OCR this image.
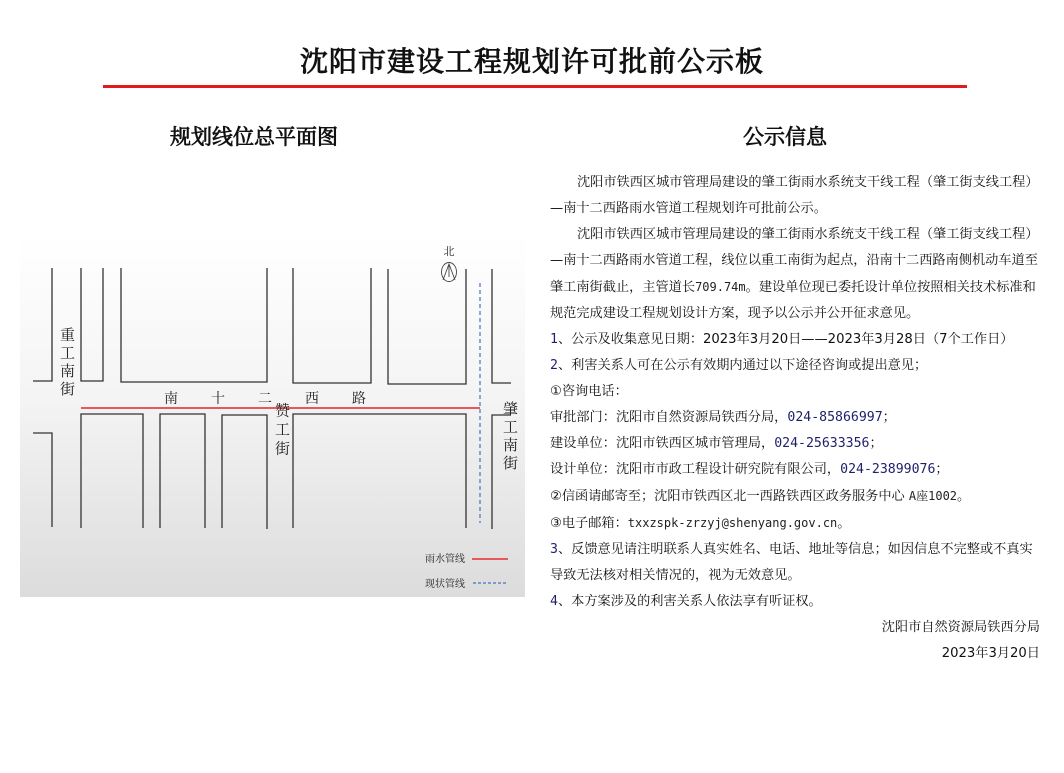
沈阳市建设工程规划许可批前公示板
规划线位总平面图	公示信息
北
南 十 二 西 路
重工南街
赞工街	肇工南街
雨水管线
现状管线

沈阳市铁西区城市管理局建设的肇工街雨水系统支干线工程（肇工街支线工程）—南十二西路雨水管道工程规划许可批前公示。

沈阳市铁西区城市管理局建设的肇工街雨水系统支干线工程（肇工街支线工程）—南十二西路雨水管道工程，线位以重工南街为起点，沿南十二西路南侧机动车道至肇工南街截止，主管道长709.74m。建设单位现已委托设计单位按照相关技术标准和规范完成建设工程规划设计方案，现予以公示并公开征求意见。

1、公示及收集意见日期：2023年3月20日——2023年3月28日（7个工作日）

2、利害关系人可在公示有效期内通过以下途径咨询或提出意见；

①咨询电话：

审批部门：沈阳市自然资源局铁西分局，024-85866997；

建设单位：沈阳市铁西区城市管理局，024-25633356；

设计单位：沈阳市市政工程设计研究院有限公司，024-23899076；

②信函请邮寄至；沈阳市铁西区北一西路铁西区政务服务中心 A座1002。

③电子邮箱：txxzspk-zrzyj@shenyang.gov.cn。

3、反馈意见请注明联系人真实姓名、电话、地址等信息；如因信息不完整或不真实导致无法核对相关情况的，视为无效意见。

4、本方案涉及的利害关系人依法享有听证权。

沈阳市自然资源局铁西分局

2023年3月20日
